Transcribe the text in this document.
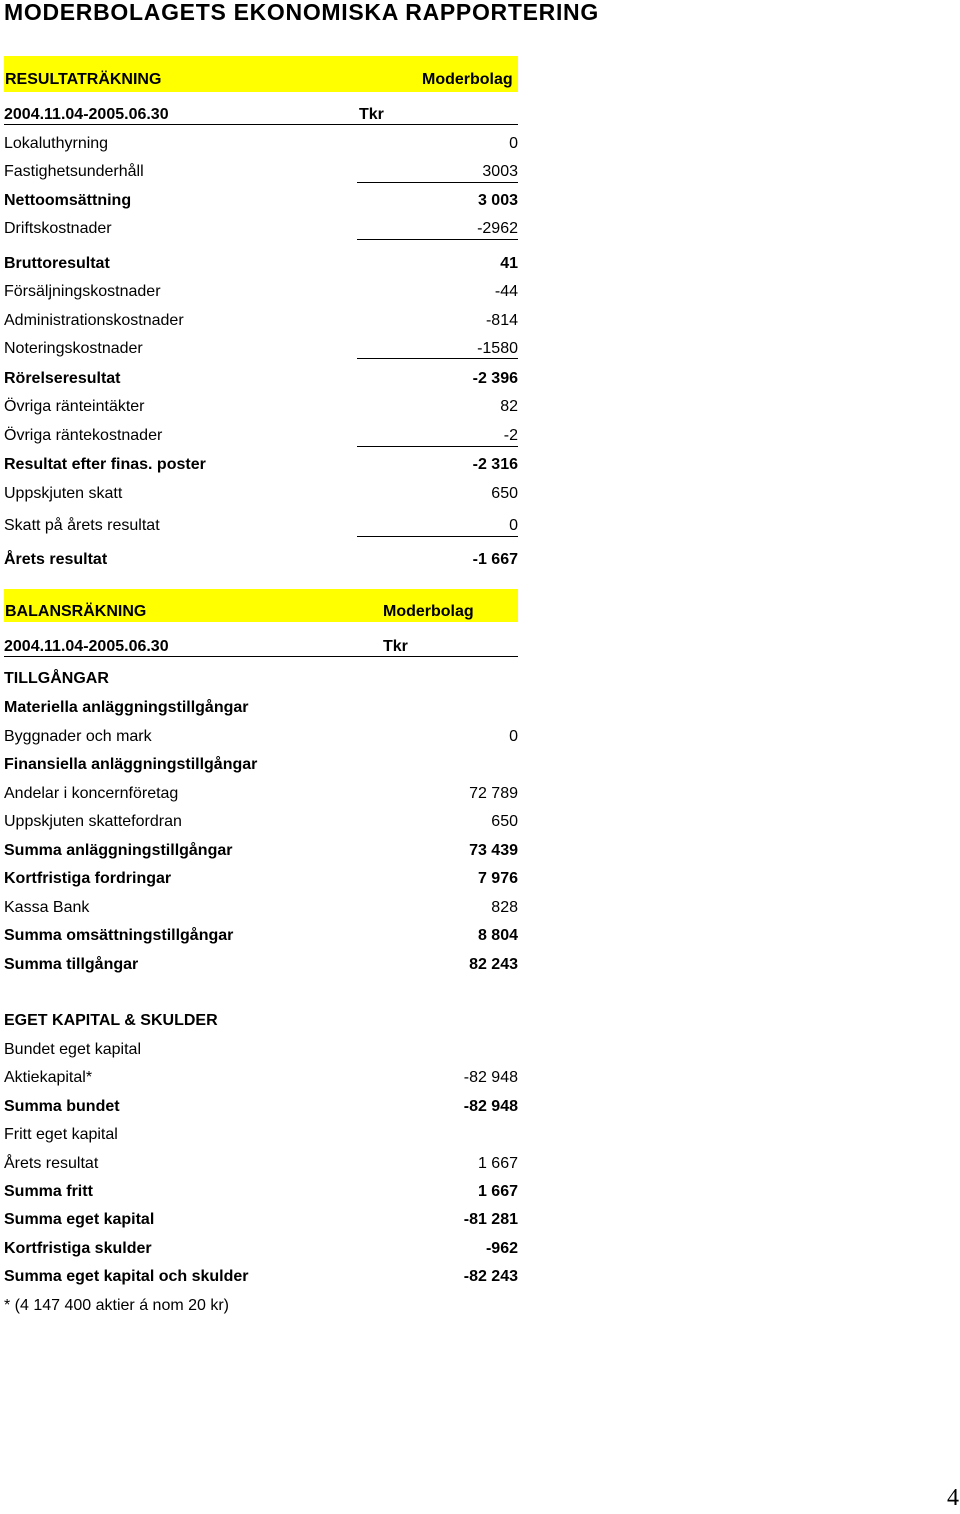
MODERBOLAGETS EKONOMISKA RAPPORTERING
RESULTATRÄKNING	Moderbolag
2004.11.04-2005.06.30	Tkr
Lokaluthyrning	0
Fastighetsunderhåll	3003
Nettoomsättning	3 003
Driftskostnader	-2962
Bruttoresultat	41
Försäljningskostnader	-44
Administrationskostnader	-814
Noteringskostnader	-1580
Rörelseresultat	-2 396
Övriga ränteintäkter	82
Övriga räntekostnader	-2
Resultat efter finas. poster	-2 316
Uppskjuten skatt	650
Skatt på årets resultat	0
Årets resultat	-1 667
BALANSRÄKNING	Moderbolag
2004.11.04-2005.06.30	Tkr
TILLGÅNGAR
Materiella anläggningstillgångar
Byggnader och mark	0
Finansiella anläggningstillgångar
Andelar i koncernföretag	72 789
Uppskjuten skattefordran	650
Summa anläggningstillgångar	73 439
Kortfristiga fordringar	7 976
Kassa Bank	828
Summa omsättningstillgångar	8 804
Summa tillgångar	82 243
EGET KAPITAL & SKULDER
Bundet eget kapital
Aktiekapital*	-82 948
Summa bundet	-82 948
Fritt eget kapital
Årets resultat	1 667
Summa fritt	1 667
Summa eget kapital	-81 281
Kortfristiga skulder	-962
Summa eget kapital och skulder	-82 243
* (4 147 400 aktier á nom 20 kr)
4
